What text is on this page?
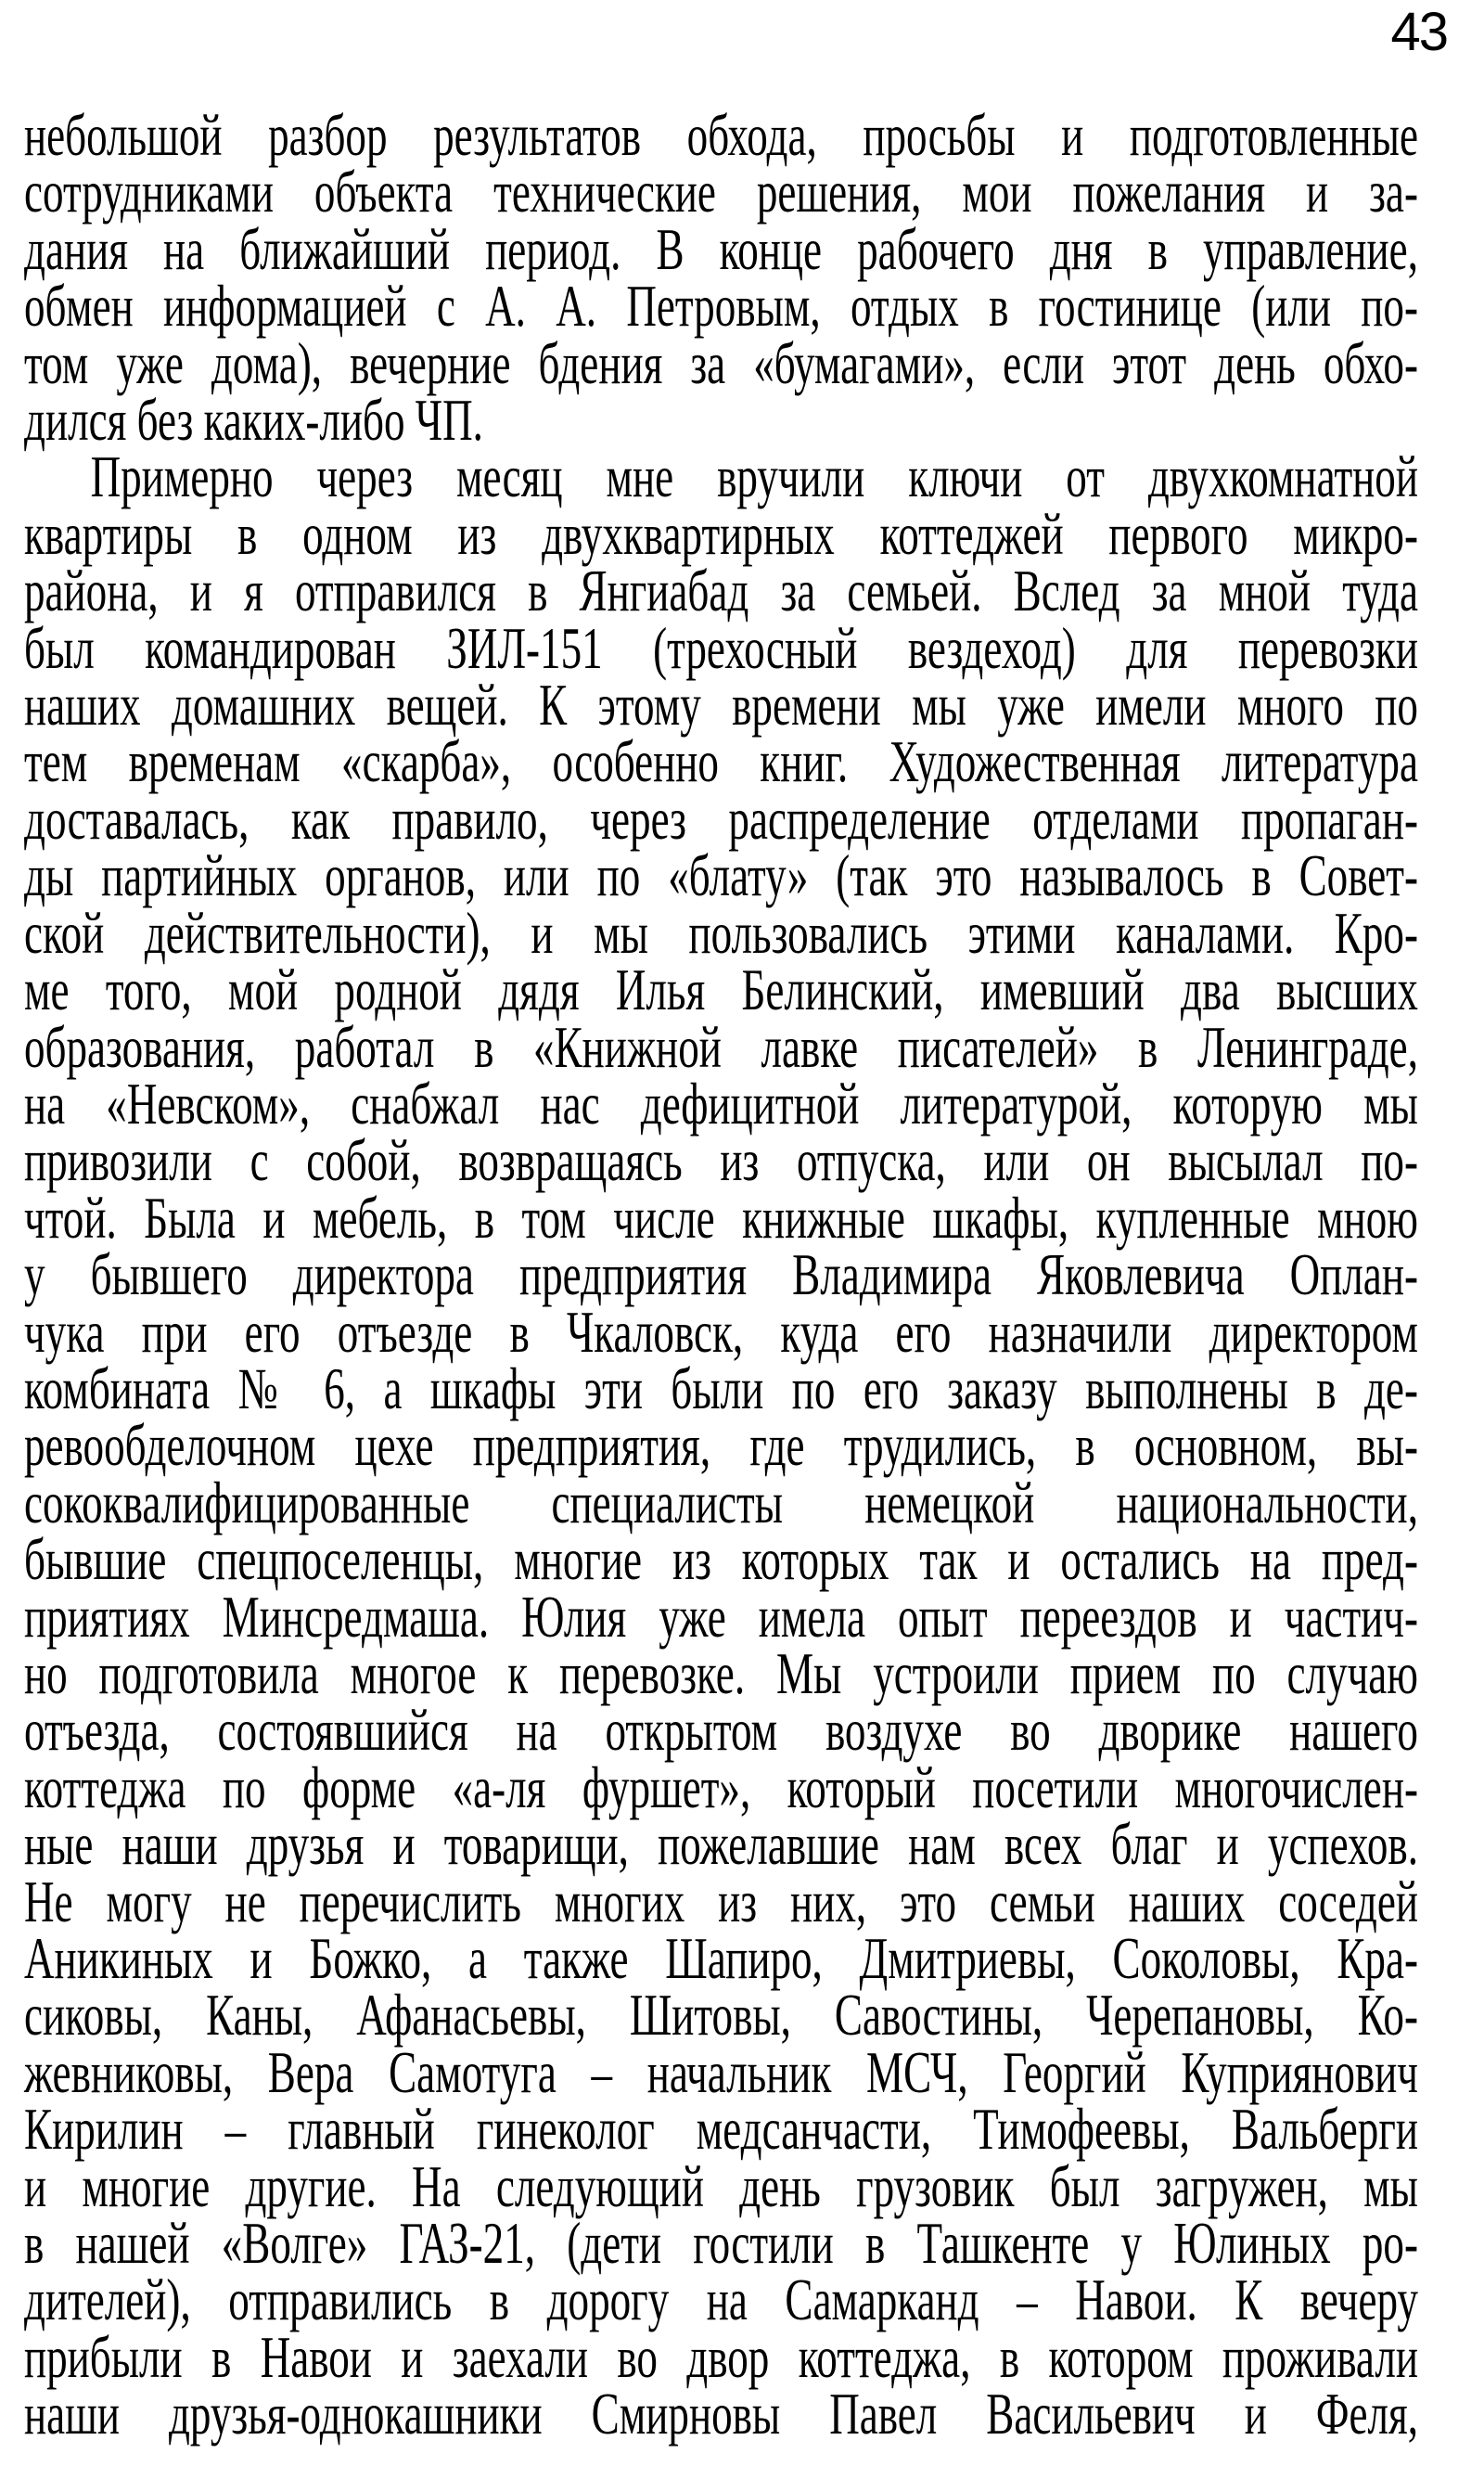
43
небольшой разбор результатов обхода, просьбы и подготовленные
сотрудниками объекта технические решения, мои пожелания и за-
дания на ближайший период. В конце рабочего дня в управление,
обмен информацией с А. А. Петровым, отдых в гостинице (или по-
том уже дома), вечерние бдения за «бумагами», если этот день обхо-
дился без каких-либо ЧП.
Примерно через месяц мне вручили ключи от двухкомнатной
квартиры в одном из двухквартирных коттеджей первого микро-
района, и я отправился в Янгиабад за семьей. Вслед за мной туда
был командирован ЗИЛ-151 (трехосный вездеход) для перевозки
наших домашних вещей. К этому времени мы уже имели много по
тем временам «скарба», особенно книг. Художественная литература
доставалась, как правило, через распределение отделами пропаган-
ды партийных органов, или по «блату» (так это называлось в Совет-
ской действительности), и мы пользовались этими каналами. Кро-
ме того, мой родной дядя Илья Белинский, имевший два высших
образования, работал в «Книжной лавке писателей» в Ленинграде,
на «Невском», снабжал нас дефицитной литературой, которую мы
привозили с собой, возвращаясь из отпуска, или он высылал по-
чтой. Была и мебель, в том числе книжные шкафы, купленные мною
у бывшего директора предприятия Владимира Яковлевича Оплан-
чука при его отъезде в Чкаловск, куда его назначили директором
комбината № 6, а шкафы эти были по его заказу выполнены в де-
ревообделочном цехе предприятия, где трудились, в основном, вы-
сококвалифицированные специалисты немецкой национальности,
бывшие спецпоселенцы, многие из которых так и остались на пред-
приятиях Минсредмаша. Юлия уже имела опыт переездов и частич-
но подготовила многое к перевозке. Мы устроили прием по случаю
отъезда, состоявшийся на открытом воздухе во дворике нашего
коттеджа по форме «а-ля фуршет», который посетили многочислен-
ные наши друзья и товарищи, пожелавшие нам всех благ и успехов.
Не могу не перечислить многих из них, это семьи наших соседей
Аникиных и Божко, а также Шапиро, Дмитриевы, Соколовы, Кра-
сиковы, Каны, Афанасьевы, Шитовы, Савостины, Черепановы, Ко-
жевниковы, Вера Самотуга – начальник МСЧ, Георгий Куприянович
Кирилин – главный гинеколог медсанчасти, Тимофеевы, Вальберги
и многие другие. На следующий день грузовик был загружен, мы
в нашей «Волге» ГАЗ-21, (дети гостили в Ташкенте у Юлиных ро-
дителей), отправились в дорогу на Самарканд – Навои. К вечеру
прибыли в Навои и заехали во двор коттеджа, в котором проживали
наши друзья-однокашники Смирновы Павел Васильевич и Феля,
